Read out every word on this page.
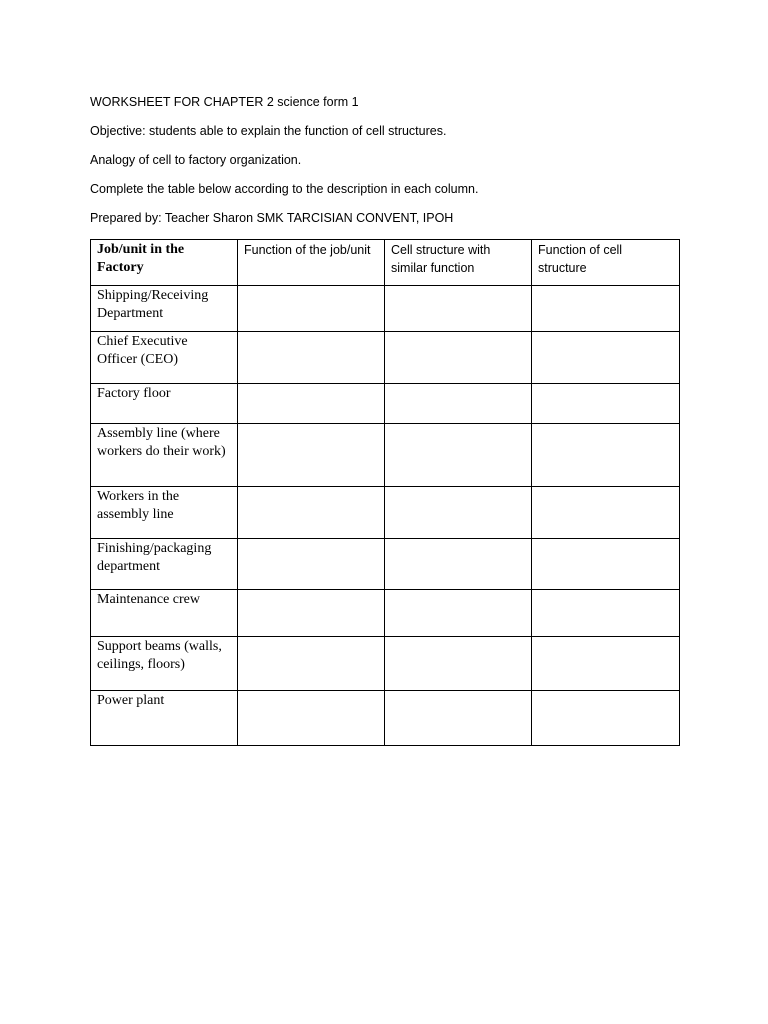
WORKSHEET FOR CHAPTER 2 science form 1
Objective: students able to explain the function of cell structures.
Analogy of cell to factory organization.
Complete the table below according to the description in each column.
Prepared by: Teacher Sharon SMK TARCISIAN CONVENT, IPOH
Job/unit in the Factory	Function of the job/unit	Cell structure with similar function	Function of cell structure
Shipping/Receiving Department			
Chief Executive Officer (CEO)			
Factory floor			
Assembly line (where workers do their work)			
Workers in the assembly line			
Finishing/packaging department			
Maintenance crew			
Support beams (walls, ceilings, floors)			
Power plant			
